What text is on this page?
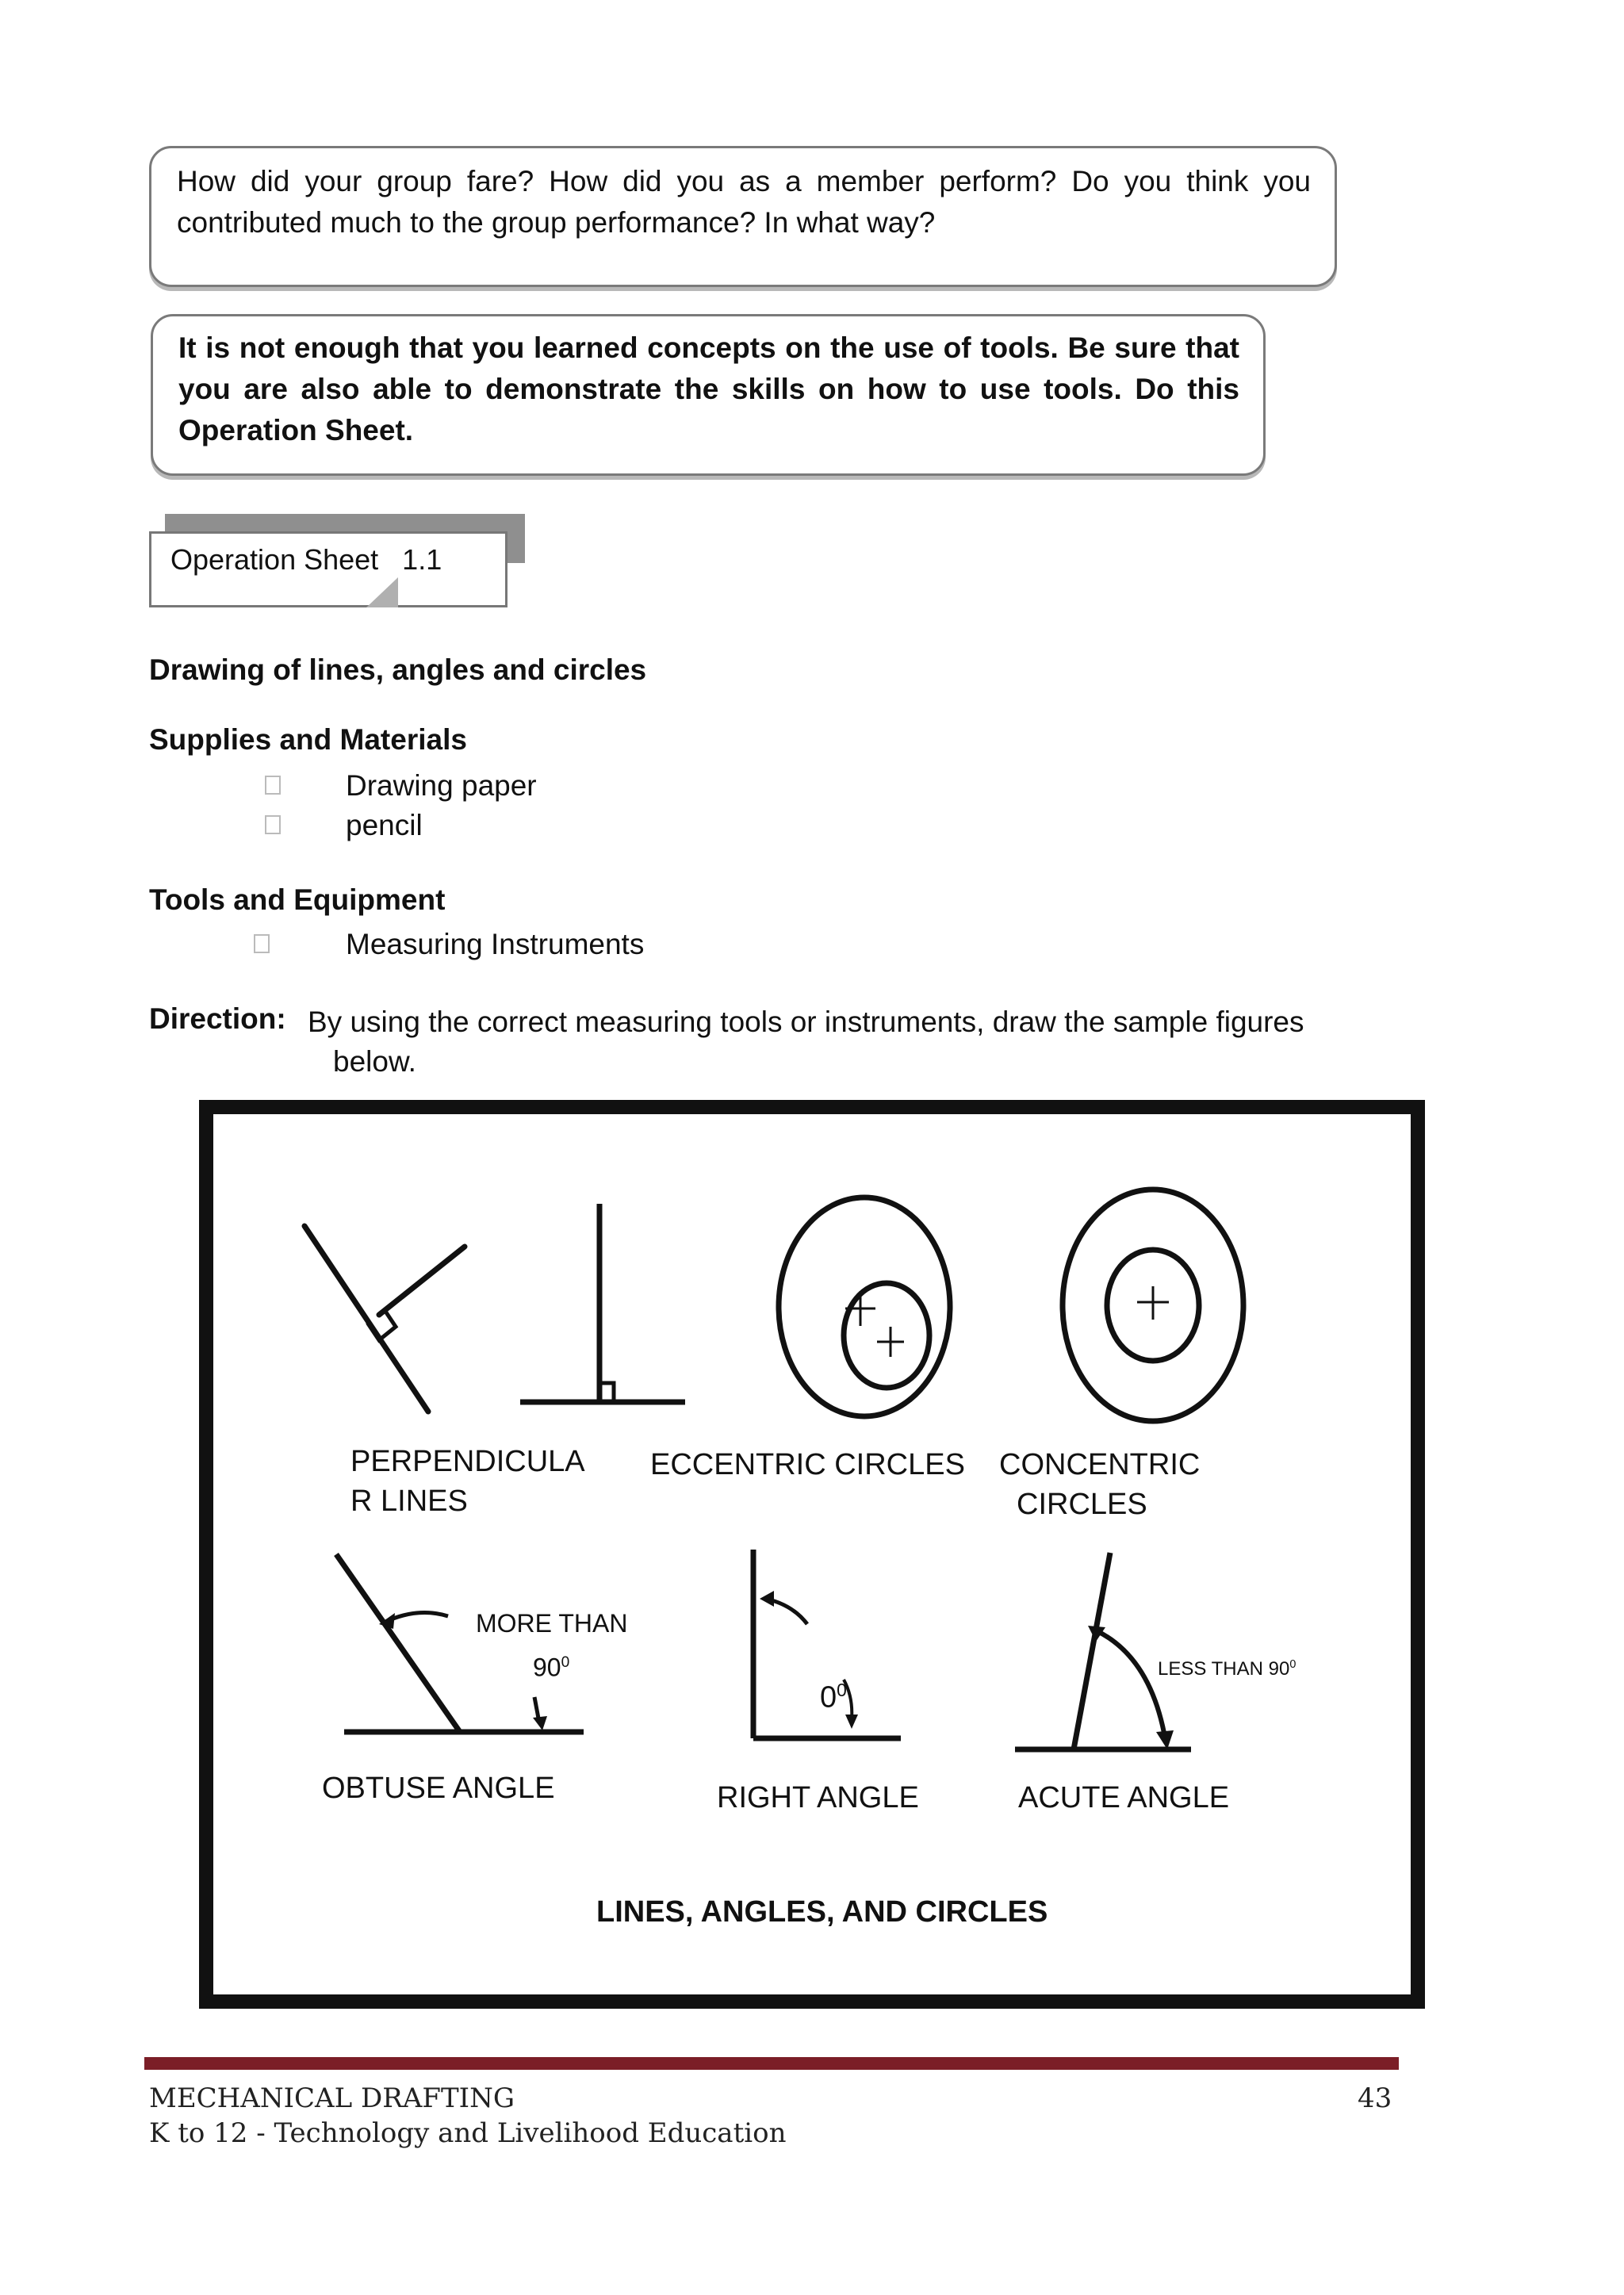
How did your group fare? How did you as a member perform? Do you think you contributed much to the group performance? In what way?
It is not enough that you learned concepts on the use of tools. Be sure that you are also able to demonstrate the skills on how to use tools. Do this Operation Sheet.
Operation Sheet   1.1
Drawing of lines, angles and circles
Supplies and Materials
Drawing paper
pencil
Tools and Equipment
Measuring Instruments
Direction: By using the correct measuring tools or instruments, draw the sample figures
below.
PERPENDICULA
R LINES
ECCENTRIC CIRCLES CONCENTRIC
CIRCLES
MORE THAN
$90^0$
$0^0$
LESS THAN $90^0$
OBTUSE ANGLE	RIGHT ANGLE	ACUTE ANGLE
LINES, ANGLES, AND CIRCLES
MECHANICAL DRAFTING
K to 12 - Technology and Livelihood Education
43
